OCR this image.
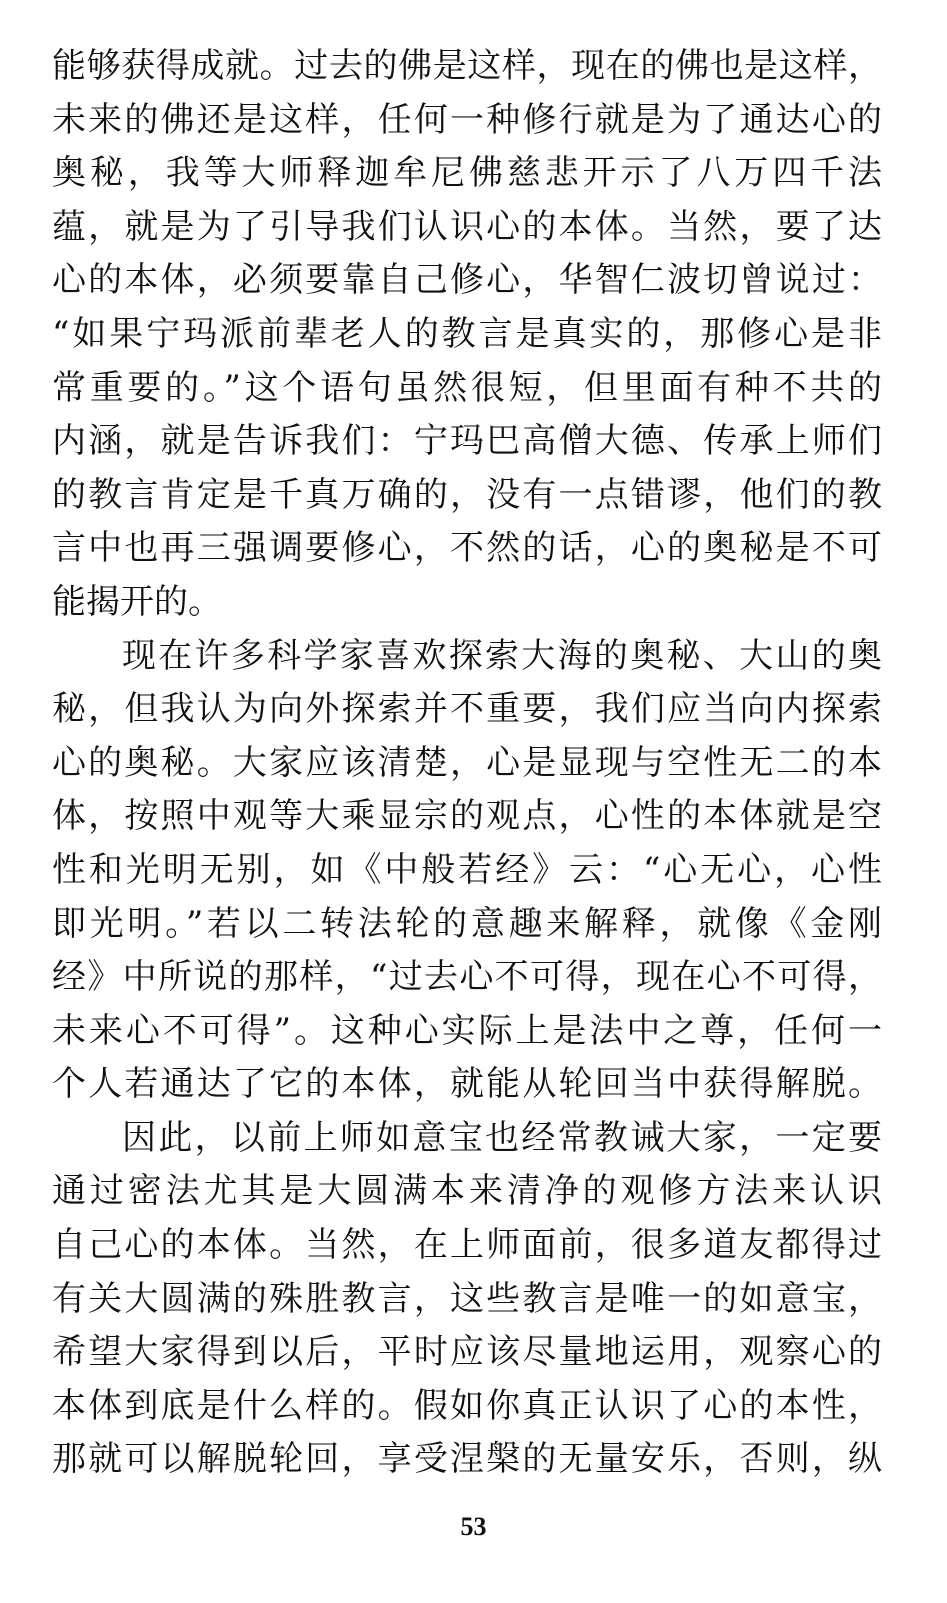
能够获得成就。过去的佛是这样，现在的佛也是这样，
未来的佛还是这样，任何一种修行就是为了通达心的
奥秘，我等大师释迦牟尼佛慈悲开示了八万四千法
蕴，就是为了引导我们认识心的本体。当然，要了达
心的本体，必须要靠自己修心，华智仁波切曾说过：
“如果宁玛派前辈老人的教言是真实的，那修心是非
常重要的。”这个语句虽然很短，但里面有种不共的
内涵，就是告诉我们：宁玛巴高僧大德、传承上师们
的教言肯定是千真万确的，没有一点错谬，他们的教
言中也再三强调要修心，不然的话，心的奥秘是不可
能揭开的。
现在许多科学家喜欢探索大海的奥秘、大山的奥
秘，但我认为向外探索并不重要，我们应当向内探索
心的奥秘。大家应该清楚，心是显现与空性无二的本
体，按照中观等大乘显宗的观点，心性的本体就是空
性和光明无别，如《中般若经》云：“心无心，心性
即光明。”若以二转法轮的意趣来解释，就像《金刚
经》中所说的那样，“过去心不可得，现在心不可得，
未来心不可得”。这种心实际上是法中之尊，任何一
个人若通达了它的本体，就能从轮回当中获得解脱。
因此，以前上师如意宝也经常教诫大家，一定要
通过密法尤其是大圆满本来清净的观修方法来认识
自己心的本体。当然，在上师面前，很多道友都得过
有关大圆满的殊胜教言，这些教言是唯一的如意宝，
希望大家得到以后，平时应该尽量地运用，观察心的
本体到底是什么样的。假如你真正认识了心的本性，
那就可以解脱轮回，享受涅槃的无量安乐，否则，纵
53
